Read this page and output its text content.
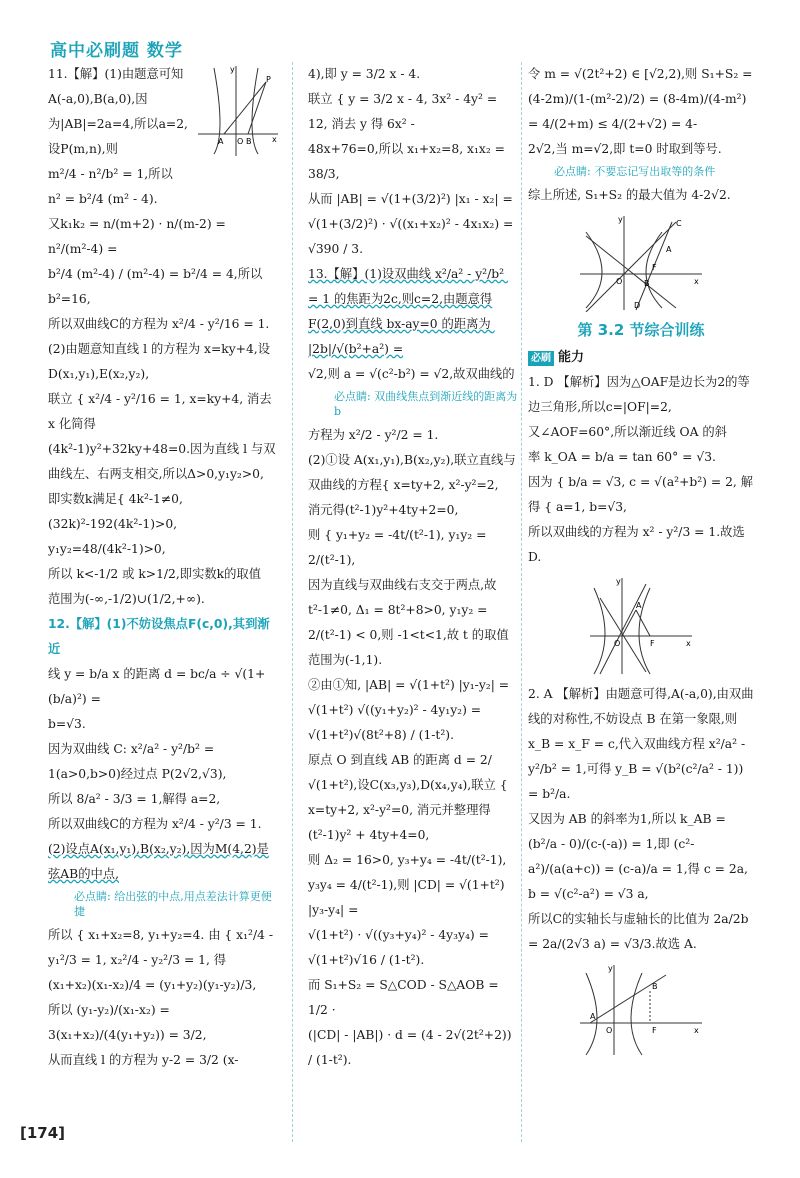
高中必刷题 数学
y
x
A O B
P

11.【解】(1)由题意可知 A(-a,0),B(a,0),因为|AB|=2a=4,所以a=2,设P(m,n),则

m²/4 - n²/b² = 1,所以

n² = b²/4 (m² - 4).

又k₁k₂ = n/(m+2) · n/(m-2) = n²/(m²-4) =

b²/4 (m²-4) / (m²-4) = b²/4 = 4,所以b²=16,

所以双曲线C的方程为 x²/4 - y²/16 = 1.

(2)由题意知直线 l 的方程为 x=ky+4,设D(x₁,y₁),E(x₂,y₂),

联立 { x²/4 - y²/16 = 1, x=ky+4, 消去 x 化简得

(4k²-1)y²+32ky+48=0.因为直线 l 与双曲线左、右两支相交,所以Δ>0,y₁y₂>0,

即实数k满足{ 4k²-1≠0, (32k)²-192(4k²-1)>0, y₁y₂=48/(4k²-1)>0,

所以 k<-1/2 或 k>1/2,即实数k的取值

范围为(-∞,-1/2)∪(1/2,+∞).

12.【解】(1)不妨设焦点F(c,0),其到渐近

线 y = b/a x 的距离 d = bc/a ÷ √(1+(b/a)²) =

b=√3.

因为双曲线 C: x²/a² - y²/b² = 1(a>0,b>0)经过点 P(2√2,√3),

所以 8/a² - 3/3 = 1,解得 a=2,

所以双曲线C的方程为 x²/4 - y²/3 = 1.

(2)设点A(x₁,y₁),B(x₂,y₂),因为M(4,2)是弦AB的中点,

必点睛: 给出弦的中点,用点差法计算更便捷

所以 { x₁+x₂=8, y₁+y₂=4. 由 { x₁²/4 - y₁²/3 = 1, x₂²/4 - y₂²/3 = 1, 得

(x₁+x₂)(x₁-x₂)/4 = (y₁+y₂)(y₁-y₂)/3,

所以 (y₁-y₂)/(x₁-x₂) = 3(x₁+x₂)/(4(y₁+y₂)) = 3/2,

从而直线 l 的方程为 y-2 = 3/2 (x-

4),即 y = 3/2 x - 4.

联立 { y = 3/2 x - 4, 3x² - 4y² = 12, 消去 y 得 6x² -

48x+76=0,所以 x₁+x₂=8, x₁x₂ = 38/3,

从而 |AB| = √(1+(3/2)²) |x₁ - x₂| =

√(1+(3/2)²) · √((x₁+x₂)² - 4x₁x₂) =

√390 / 3.

13.【解】(1)设双曲线 x²/a² - y²/b² = 1 的焦距为2c,则c=2,由题意得F(2,0)到直线 bx-ay=0 的距离为 |2b|/√(b²+a²) =

√2,则 a = √(c²-b²) = √2,故双曲线的

必点睛: 双曲线焦点到渐近线的距离为b

方程为 x²/2 - y²/2 = 1.

(2)①设 A(x₁,y₁),B(x₂,y₂),联立直线与双曲线的方程{ x=ty+2, x²-y²=2,

消元得(t²-1)y²+4ty+2=0,

则 { y₁+y₂ = -4t/(t²-1), y₁y₂ = 2/(t²-1),

因为直线与双曲线右支交于两点,故 t²-1≠0, Δ₁ = 8t²+8>0, y₁y₂ = 2/(t²-1) < 0,则 -1<t<1,故 t 的取值范围为(-1,1).

②由①知, |AB| = √(1+t²) |y₁-y₂| = √(1+t²) √((y₁+y₂)² - 4y₁y₂) = √(1+t²)√(8t²+8) / (1-t²).

原点 O 到直线 AB 的距离 d = 2/√(1+t²),设C(x₃,y₃),D(x₄,y₄),联立 { x=ty+2, x²-y²=0, 消元并整理得(t²-1)y² + 4ty+4=0,

则 Δ₂ = 16>0, y₃+y₄ = -4t/(t²-1), y₃y₄ = 4/(t²-1),则 |CD| = √(1+t²) |y₃-y₄| =

√(1+t²) · √((y₃+y₄)² - 4y₃y₄) = √(1+t²)√16 / (1-t²).

而 S₁+S₂ = S△COD - S△AOB = 1/2 ·

(|CD| - |AB|) · d = (4 - 2√(2t²+2)) / (1-t²).

令 m = √(2t²+2) ∈ [√2,2),则 S₁+S₂ =

(4-2m)/(1-(m²-2)/2) = (8-4m)/(4-m²) = 4/(2+m) ≤ 4/(2+√2) = 4-

2√2,当 m=√2,即 t=0 时取到等号.

必点睛: 不要忘记写出取等的条件

综上所述, S₁+S₂ 的最大值为 4-2√2.

y
x
O
C
A
F
B
D

第 3.2 节综合训练

必刷 能力

1. D 【解析】因为△OAF是边长为2的等边三角形,所以c=|OF|=2,

又∠AOF=60°,所以渐近线 OA 的斜

率 k_OA = b/a = tan 60° = √3.

因为 { b/a = √3, c = √(a²+b²) = 2, 解得 { a=1, b=√3,

所以双曲线的方程为 x² - y²/3 = 1.故选 D.

y
x
O	F
A

2. A 【解析】由题意可得,A(-a,0),由双曲线的对称性,不妨设点 B 在第一象限,则 x_B = x_F = c,代入双曲线方程 x²/a² - y²/b² = 1,可得 y_B = √(b²(c²/a² - 1)) = b²/a.

又因为 AB 的斜率为1,所以 k_AB = (b²/a - 0)/(c-(-a)) = 1,即 (c²-a²)/(a(a+c)) = (c-a)/a = 1,得 c = 2a, b = √(c²-a²) = √3 a,

所以C的实轴长与虚轴长的比值为 2a/2b = 2a/(2√3 a) = √3/3.故选 A.

y
x
O
A
F
B
[174]
